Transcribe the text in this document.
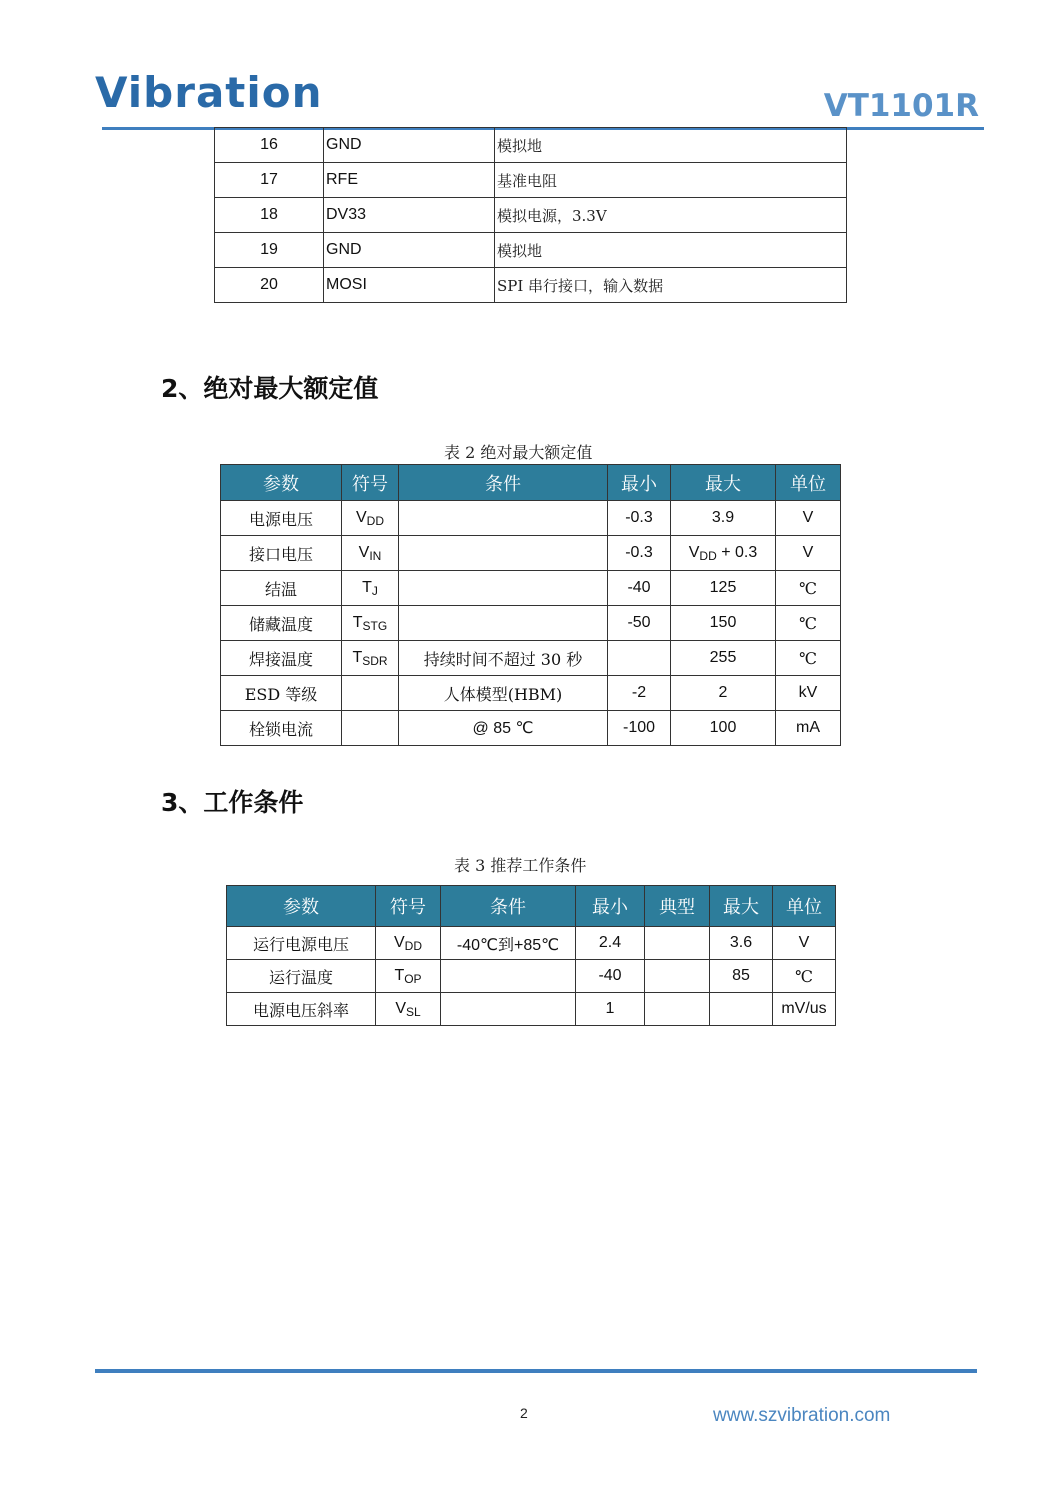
Vibration	VT1101R
16	GND	模拟地
17	RFE	基准电阻
18	DV33	模拟电源，3.3V
19	GND	模拟地
20	MOSI	SPI 串行接口，输入数据
2、绝对最大额定值
表 2 绝对最大额定值
参数	符号	条件	最小	最大	单位
电源电压	$V_{DD}$		-0.3	3.9	V
接口电压	$V_{IN}$		-0.3	$V_{DD} + 0.3$	V
结温	$T_J$		-40	125	℃
储藏温度	$T_{STG}$		-50	150	℃
焊接温度	$T_{SDR}$	持续时间不超过 30 秒		255	℃
ESD 等级		人体模型(HBM)	-2	2	kV
栓锁电流		@ 85 ℃	-100	100	mA
3、工作条件
表 3 推荐工作条件
参数	符号	条件	最小	典型	最大	单位
运行电源电压	$V_{DD}$	-40℃到+85℃	2.4		3.6	V
运行温度	$T_{OP}$		-40		85	℃
电源电压斜率	$V_{SL}$		1			mV/us
2	www.szvibration.com
